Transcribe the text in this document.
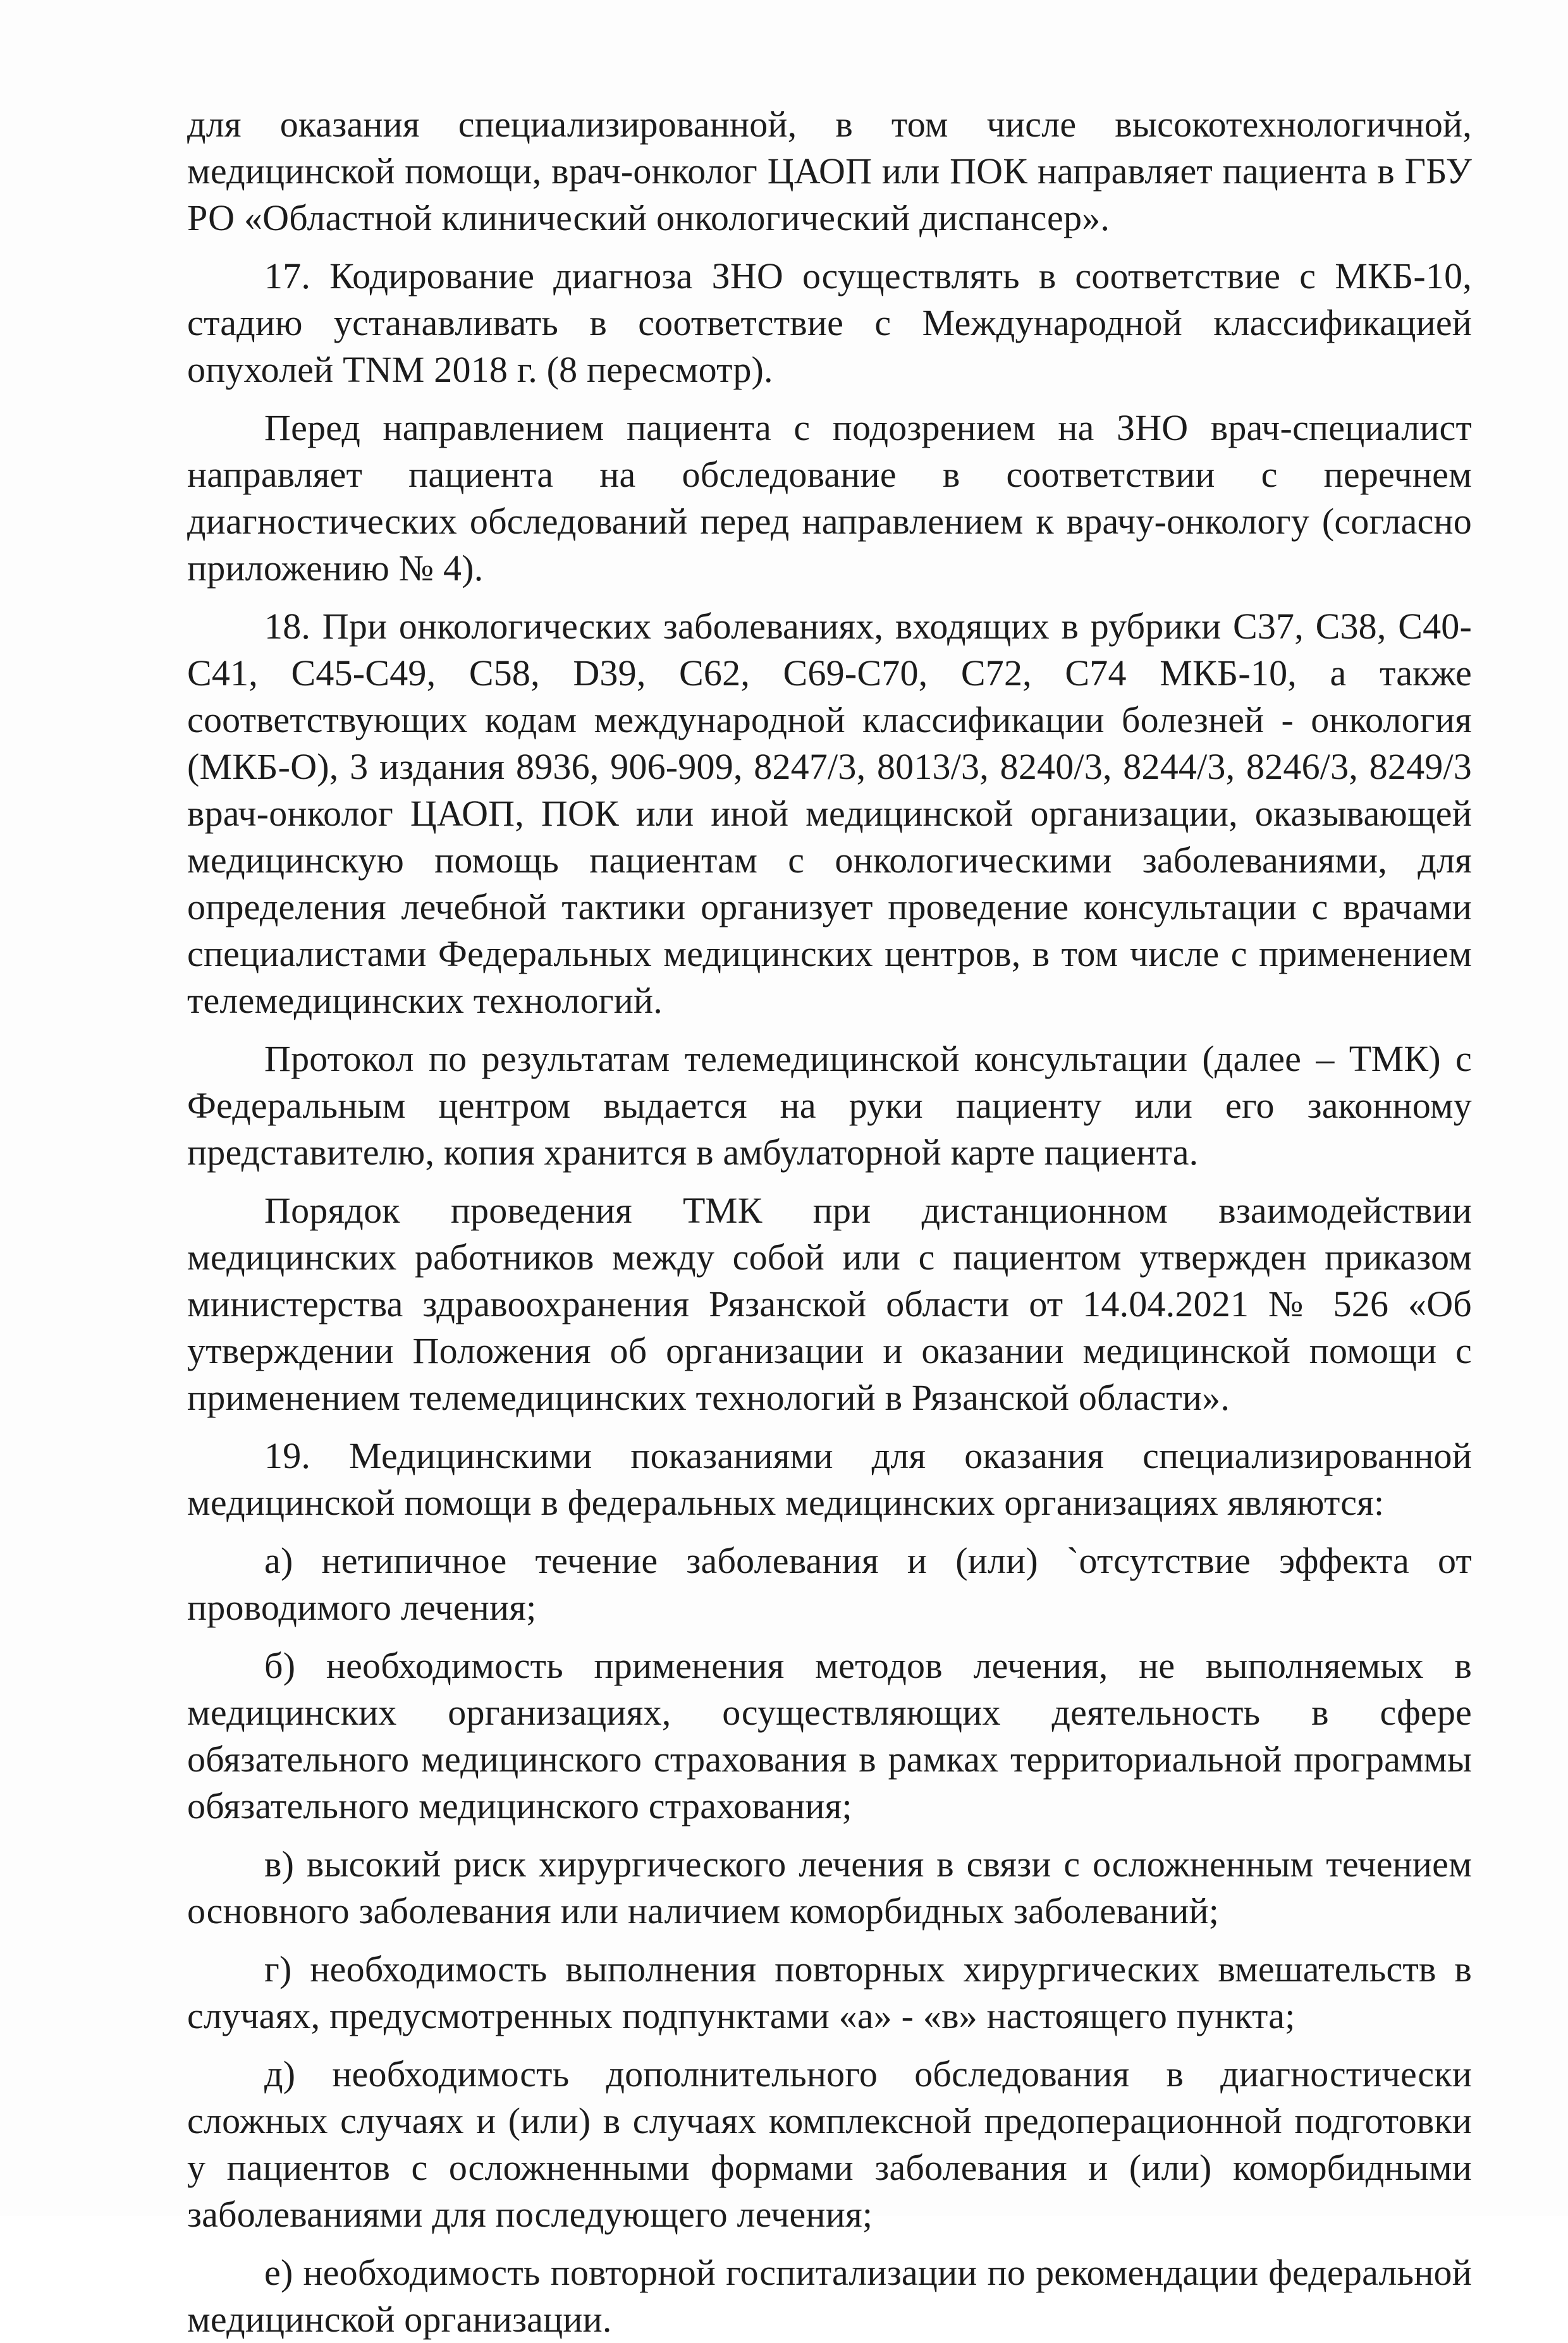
для оказания специализированной, в том числе высокотехнологичной, медицинской помощи, врач-онколог ЦАОП или ПОК направляет пациента в ГБУ РО «Областной клинический онкологический диспансер».

17. Кодирование диагноза ЗНО осуществлять в соответствие с МКБ-10, стадию устанавливать в соответствие с Международной классификацией опухолей TNM 2018 г. (8 пересмотр).

Перед направлением пациента с подозрением на ЗНО врач-специалист направляет пациента на обследование в соответствии с перечнем диагностических обследований перед направлением к врачу-онкологу (согласно приложению № 4).

18. При онкологических заболеваниях, входящих в рубрики С37, С38, С40-С41, С45-С49, С58, D39, С62, С69-С70, С72, С74 МКБ-10, а также соответствующих кодам международной классификации болезней - онкология (МКБ-О), 3 издания 8936, 906-909, 8247/3, 8013/3, 8240/3, 8244/3, 8246/3, 8249/3 врач-онколог ЦАОП, ПОК или иной медицинской организации, оказывающей медицинскую помощь пациентам с онкологическими заболеваниями, для определения лечебной тактики организует проведение консультации с врачами специалистами Федеральных медицинских центров, в том числе с применением телемедицинских технологий.

Протокол по результатам телемедицинской консультации (далее – ТМК) с Федеральным центром выдается на руки пациенту или его законному представителю, копия хранится в амбулаторной карте пациента.

Порядок проведения ТМК при дистанционном взаимодействии медицинских работников между собой или с пациентом утвержден приказом министерства здравоохранения Рязанской области от 14.04.2021 № 526 «Об утверждении Положения об организации и оказании медицинской помощи с применением телемедицинских технологий в Рязанской области».

19. Медицинскими показаниями для оказания специализированной медицинской помощи в федеральных медицинских организациях являются:

а) нетипичное течение заболевания и (или) `отсутствие эффекта от проводимого лечения;

б) необходимость применения методов лечения, не выполняемых в медицинских организациях, осуществляющих деятельность в сфере обязательного медицинского страхования в рамках территориальной программы обязательного медицинского страхования;

в) высокий риск хирургического лечения в связи с осложненным течением основного заболевания или наличием коморбидных заболеваний;

г) необходимость выполнения повторных хирургических вмешательств в случаях, предусмотренных подпунктами «а» - «в» настоящего пункта;

д) необходимость дополнительного обследования в диагностически сложных случаях и (или) в случаях комплексной предоперационной подготовки у пациентов с осложненными формами заболевания и (или) коморбидными заболеваниями для последующего лечения;

е) необходимость повторной госпитализации по рекомендации федеральной медицинской организации.
